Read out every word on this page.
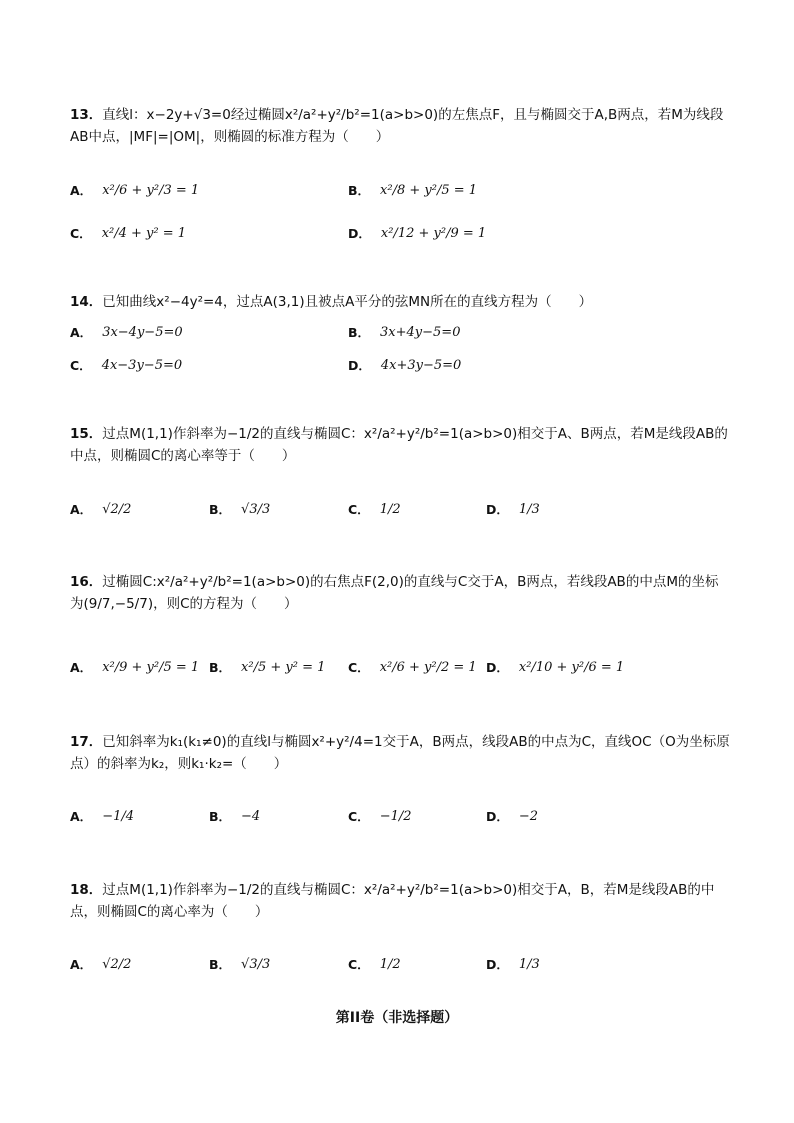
13．直线l：x−2y+√3=0经过椭圆x²/a²+y²/b²=1(a>b>0)的左焦点F，且与椭圆交于A,B两点，若M为线段AB中点，|MF|=|OM|，则椭圆的标准方程为（　　）
A． x²/6 + y²/3 = 1	B． x²/8 + y²/5 = 1
C． x²/4 + y² = 1	D． x²/12 + y²/9 = 1
14．已知曲线x²−4y²=4，过点A(3,1)且被点A平分的弦MN所在的直线方程为（　　）
A． 3x−4y−5=0	B． 3x+4y−5=0
C． 4x−3y−5=0	D． 4x+3y−5=0
15．过点M(1,1)作斜率为−1/2的直线与椭圆C：x²/a²+y²/b²=1(a>b>0)相交于A、B两点，若M是线段AB的中点，则椭圆C的离心率等于（　　）
A． √2/2	B． √3/3	C． 1/2	D． 1/3
16．过椭圆C:x²/a²+y²/b²=1(a>b>0)的右焦点F(2,0)的直线与C交于A，B两点，若线段AB的中点M的坐标为(9/7,−5/7)，则C的方程为（　　）
A． x²/9 + y²/5 = 1 B． x²/5 + y² = 1 C． x²/6 + y²/2 = 1 D． x²/10 + y²/6 = 1
17．已知斜率为k₁(k₁≠0)的直线l与椭圆x²+y²/4=1交于A，B两点，线段AB的中点为C，直线OC（O为坐标原点）的斜率为k₂，则k₁·k₂=（　　）
A． −1/4	B． −4	C． −1/2	D． −2
18．过点M(1,1)作斜率为−1/2的直线与椭圆C：x²/a²+y²/b²=1(a>b>0)相交于A，B，若M是线段AB的中点，则椭圆C的离心率为（　　）
A． √2/2	B． √3/3	C． 1/2	D． 1/3
第II卷（非选择题）
